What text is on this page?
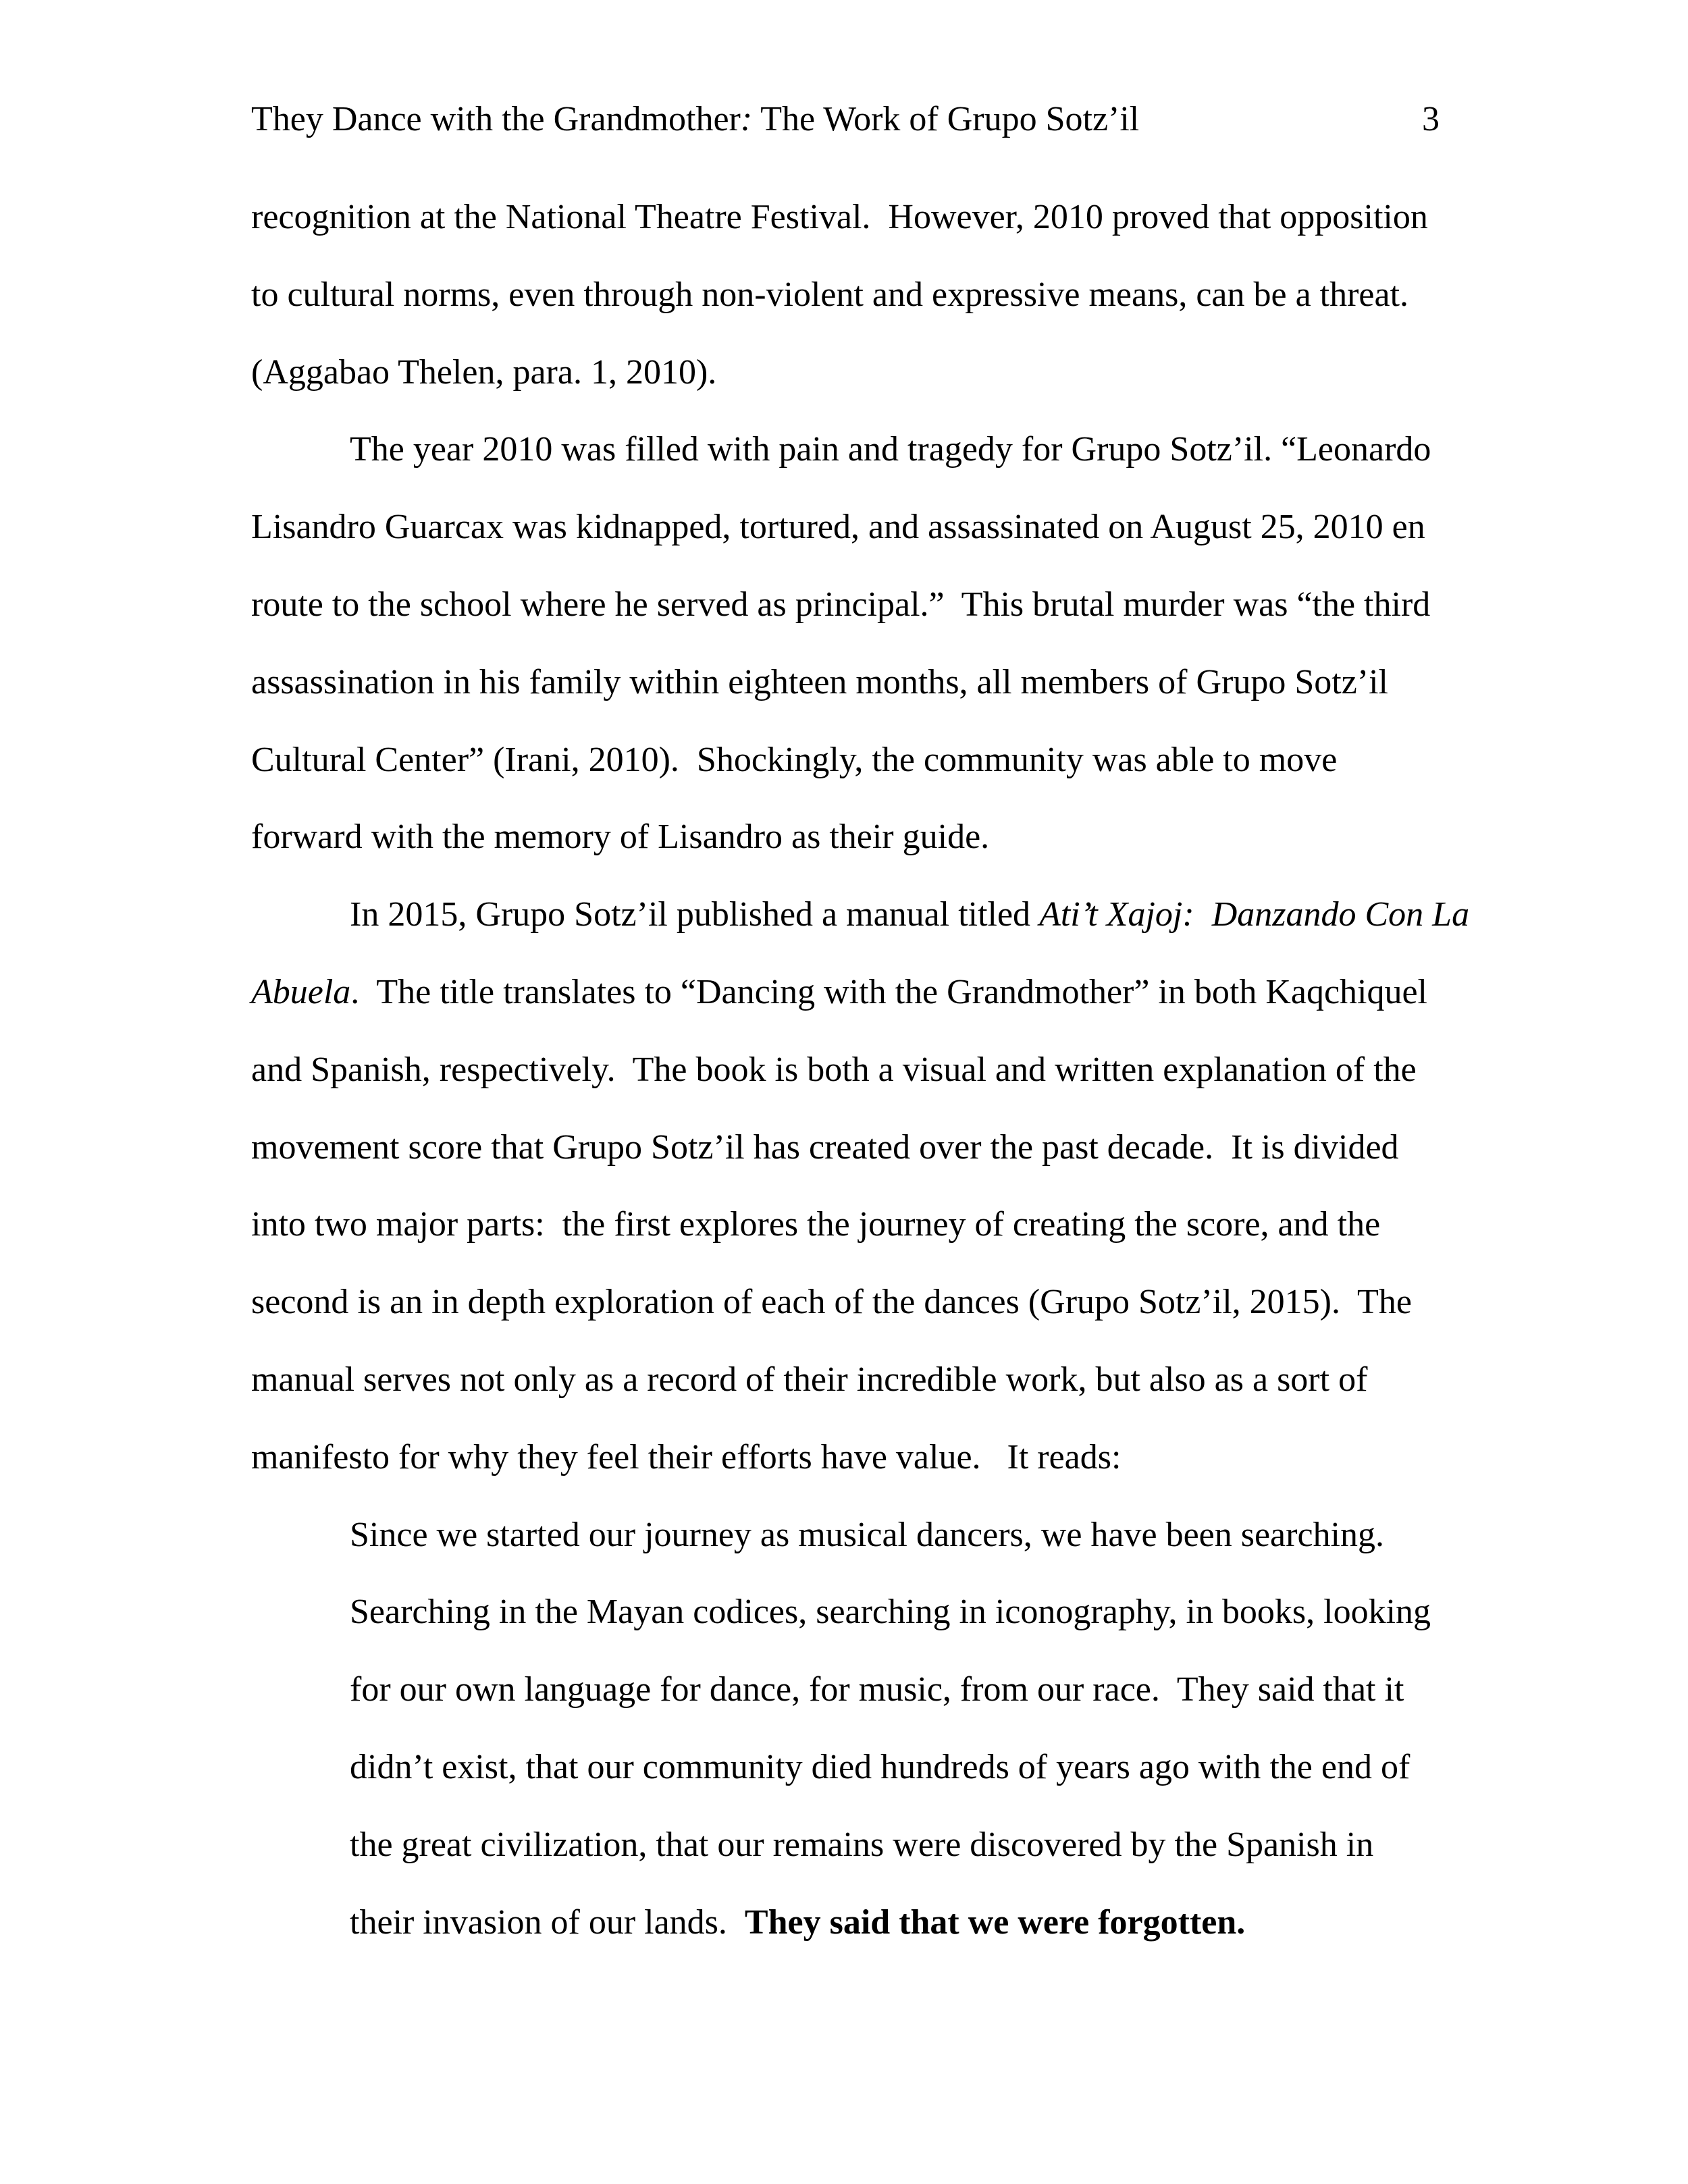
They Dance with the Grandmother: The Work of Grupo Sotz’il	3
recognition at the National Theatre Festival.  However, 2010 proved that opposition
to cultural norms, even through non-violent and expressive means, can be a threat.
(Aggabao Thelen, para. 1, 2010).
The year 2010 was filled with pain and tragedy for Grupo Sotz’il. “Leonardo
Lisandro Guarcax was kidnapped, tortured, and assassinated on August 25, 2010 en
route to the school where he served as principal.”  This brutal murder was “the third
assassination in his family within eighteen months, all members of Grupo Sotz’il
Cultural Center” (Irani, 2010).  Shockingly, the community was able to move
forward with the memory of Lisandro as their guide.
In 2015, Grupo Sotz’il published a manual titled Ati’t Xajoj:  Danzando Con La
Abuela.  The title translates to “Dancing with the Grandmother” in both Kaqchiquel
and Spanish, respectively.  The book is both a visual and written explanation of the
movement score that Grupo Sotz’il has created over the past decade.  It is divided
into two major parts:  the first explores the journey of creating the score, and the
second is an in depth exploration of each of the dances (Grupo Sotz’il, 2015).  The
manual serves not only as a record of their incredible work, but also as a sort of
manifesto for why they feel their efforts have value.   It reads:
Since we started our journey as musical dancers, we have been searching.
Searching in the Mayan codices, searching in iconography, in books, looking
for our own language for dance, for music, from our race.  They said that it
didn’t exist, that our community died hundreds of years ago with the end of
the great civilization, that our remains were discovered by the Spanish in
their invasion of our lands.  They said that we were forgotten.
